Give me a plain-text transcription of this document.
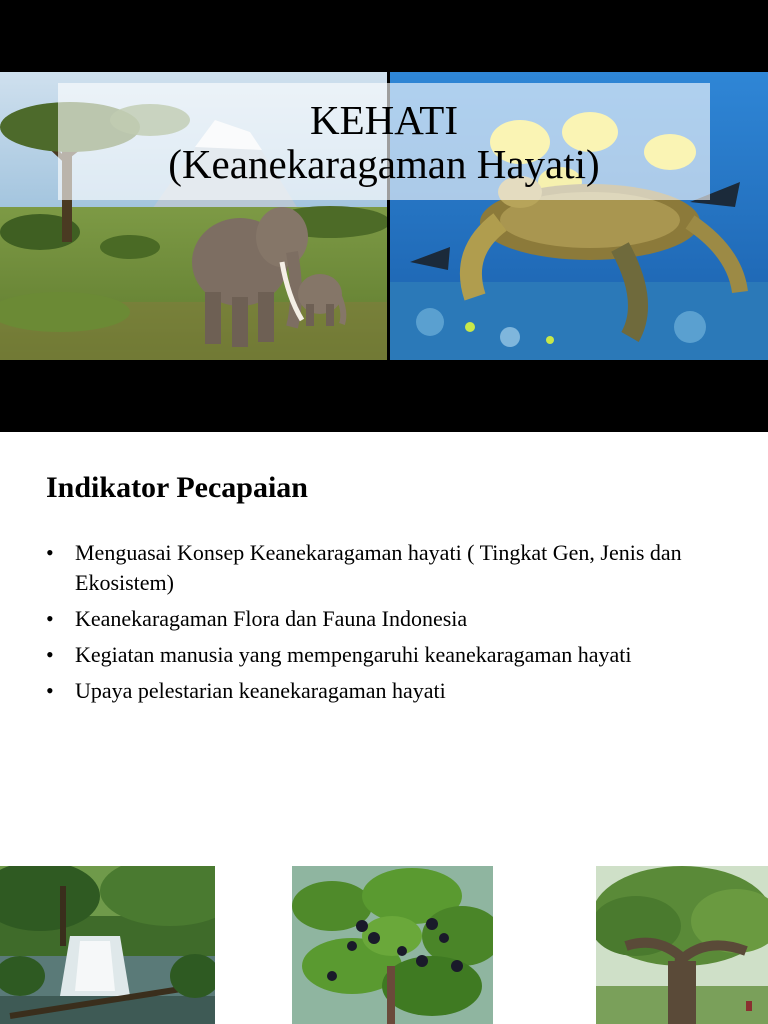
KEHATI
(Keanekaragaman Hayati)
Indikator Pecapaian
• Menguasai Konsep Keanekaragaman hayati ( Tingkat Gen, Jenis dan Ekosistem)
• Keanekaragaman Flora dan Fauna Indonesia
• Kegiatan manusia yang mempengaruhi keanekaragaman hayati
• Upaya pelestarian keanekaragaman hayati
